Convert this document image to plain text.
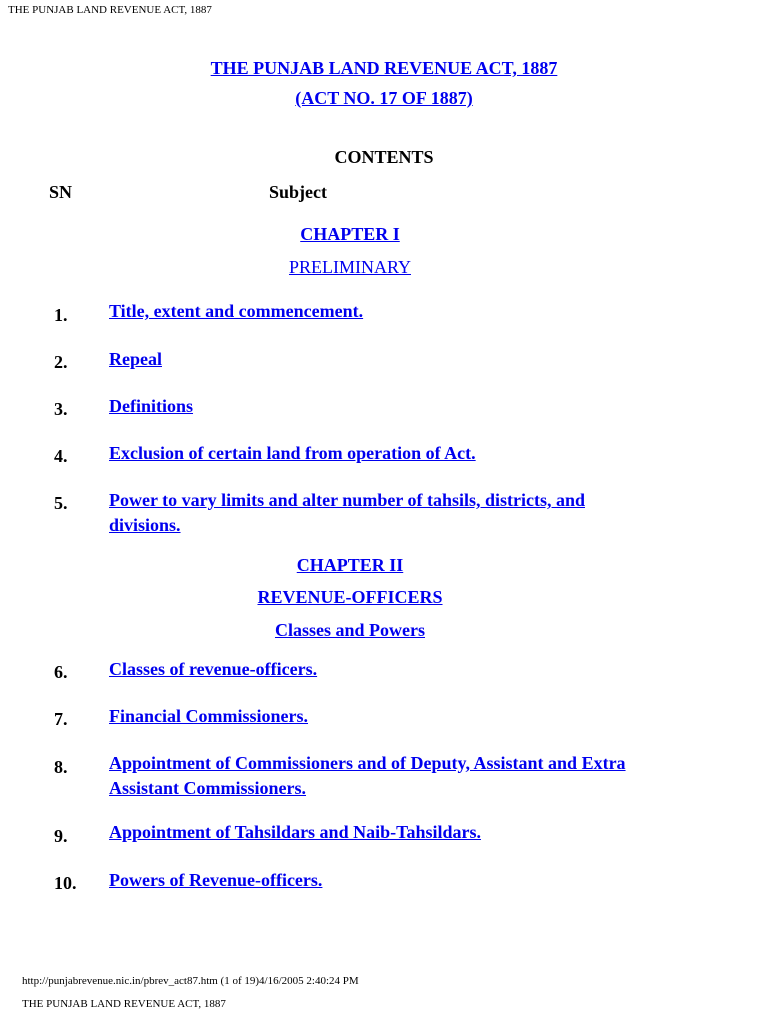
THE PUNJAB LAND REVENUE ACT, 1887
THE PUNJAB LAND REVENUE ACT, 1887
(ACT NO. 17 OF 1887)
CONTENTS
SN	Subject
CHAPTER I
PRELIMINARY
1. Title, extent and commencement.
2. Repeal
3. Definitions
4. Exclusion of certain land from operation of Act.
5. Power to vary limits and alter number of tahsils, districts, and divisions.
CHAPTER II
REVENUE-OFFICERS
Classes and Powers
6. Classes of revenue-officers.
7. Financial Commissioners.
8. Appointment of Commissioners and of Deputy, Assistant and Extra Assistant Commissioners.
9. Appointment of Tahsildars and Naib-Tahsildars.
10. Powers of Revenue-officers.
http://punjabrevenue.nic.in/pbrev_act87.htm (1 of 19)4/16/2005 2:40:24 PM
THE PUNJAB LAND REVENUE ACT, 1887
